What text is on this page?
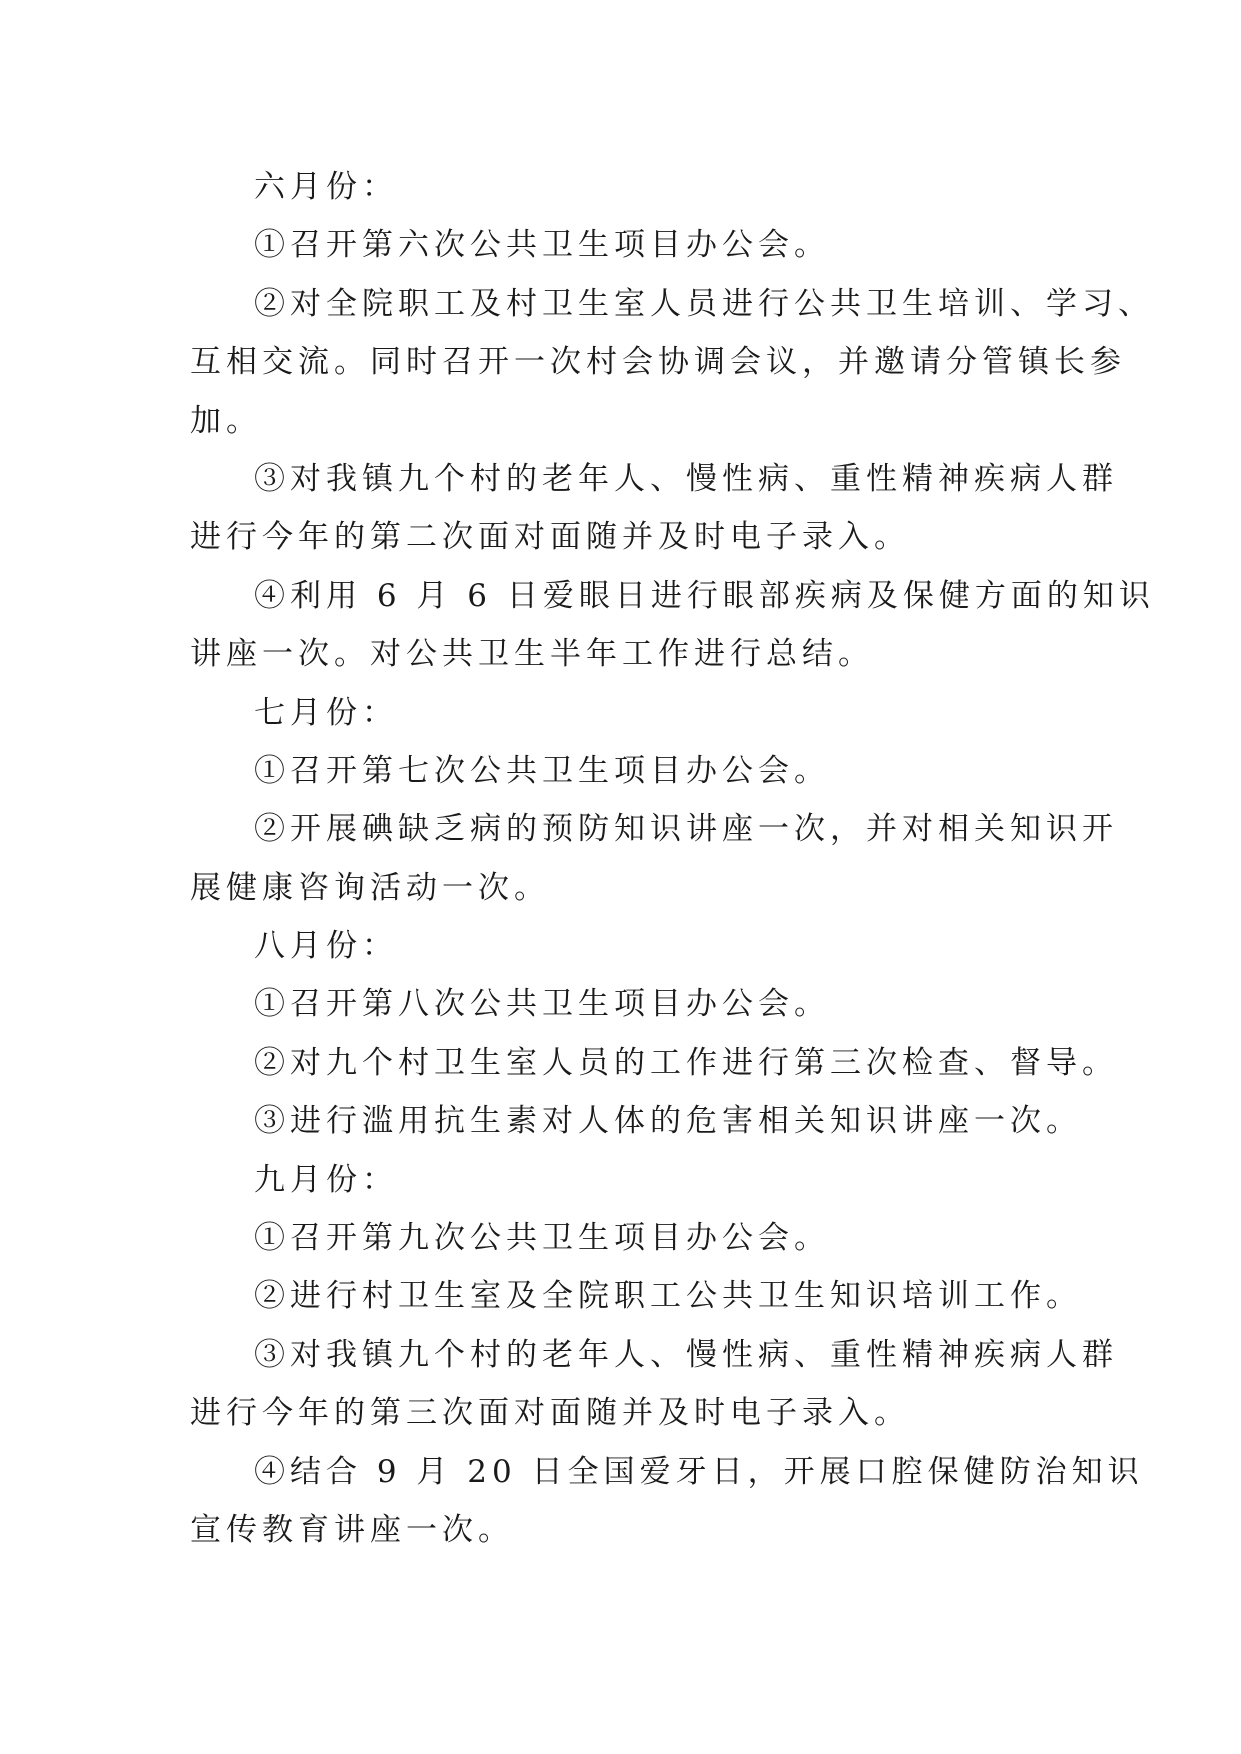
六月份：
①召开第六次公共卫生项目办公会。
②对全院职工及村卫生室人员进行公共卫生培训、学习、
互相交流。同时召开一次村会协调会议，并邀请分管镇长参
加。
③对我镇九个村的老年人、慢性病、重性精神疾病人群
进行今年的第二次面对面随并及时电子录入。
④利用 6 月 6 日爱眼日进行眼部疾病及保健方面的知识
讲座一次。对公共卫生半年工作进行总结。
七月份：
①召开第七次公共卫生项目办公会。
②开展碘缺乏病的预防知识讲座一次，并对相关知识开
展健康咨询活动一次。
八月份：
①召开第八次公共卫生项目办公会。
②对九个村卫生室人员的工作进行第三次检查、督导。
③进行滥用抗生素对人体的危害相关知识讲座一次。
九月份：
①召开第九次公共卫生项目办公会。
②进行村卫生室及全院职工公共卫生知识培训工作。
③对我镇九个村的老年人、慢性病、重性精神疾病人群
进行今年的第三次面对面随并及时电子录入。
④结合 9 月 20 日全国爱牙日，开展口腔保健防治知识
宣传教育讲座一次。
